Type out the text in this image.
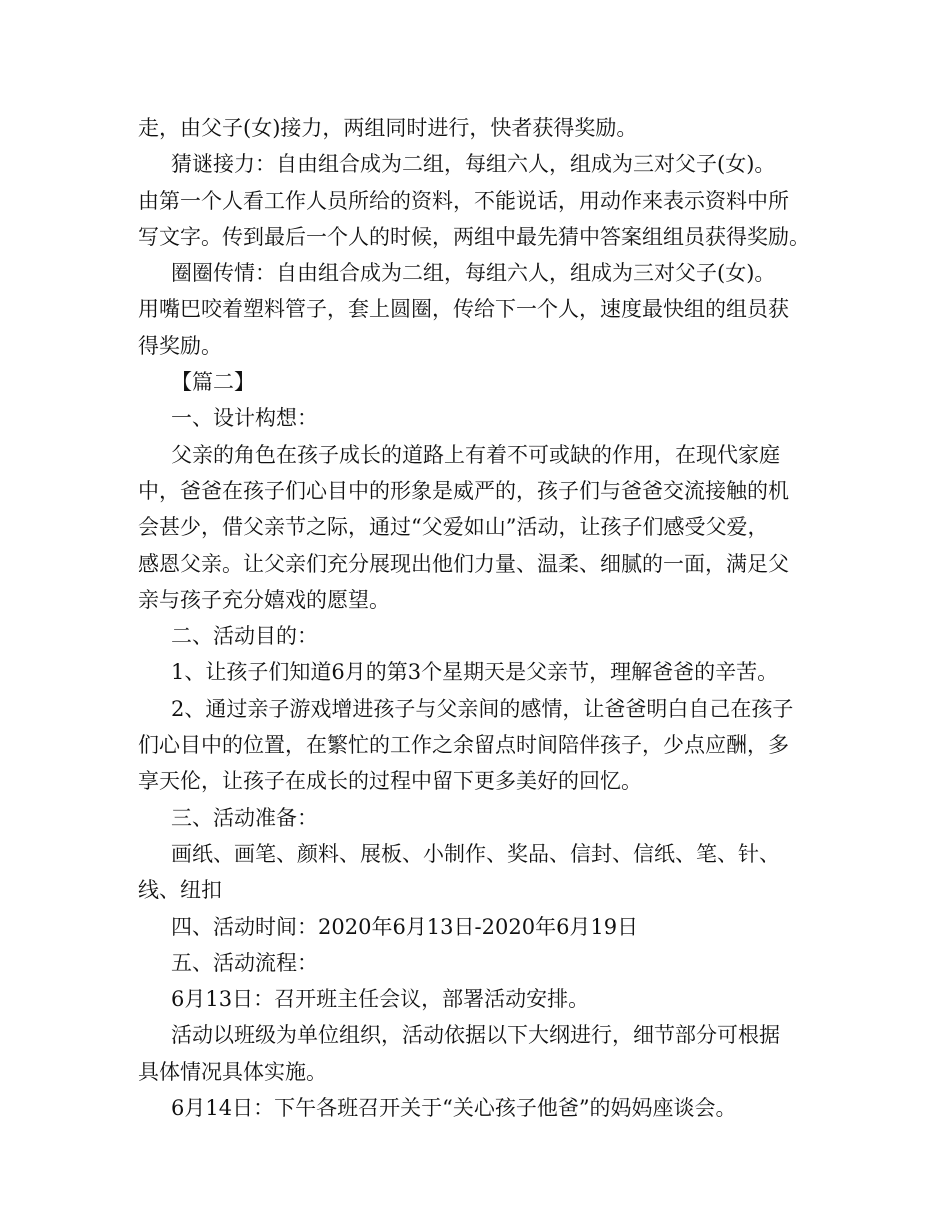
走，由父子(女)接力，两组同时进行，快者获得奖励。

猜谜接力：自由组合成为二组，每组六人，组成为三对父子(女)。
由第一个人看工作人员所给的资料，不能说话，用动作来表示资料中所
写文字。传到最后一个人的时候，两组中最先猜中答案组组员获得奖励。

圈圈传情：自由组合成为二组，每组六人，组成为三对父子(女)。
用嘴巴咬着塑料管子，套上圆圈，传给下一个人，速度最快组的组员获
得奖励。

【篇二】

一、设计构想：

父亲的角色在孩子成长的道路上有着不可或缺的作用，在现代家庭
中，爸爸在孩子们心目中的形象是威严的，孩子们与爸爸交流接触的机
会甚少，借父亲节之际，通过“父爱如山”活动，让孩子们感受父爱，
感恩父亲。让父亲们充分展现出他们力量、温柔、细腻的一面，满足父
亲与孩子充分嬉戏的愿望。

二、活动目的：

1、让孩子们知道6月的第3个星期天是父亲节，理解爸爸的辛苦。

2、通过亲子游戏增进孩子与父亲间的感情，让爸爸明白自己在孩子
们心目中的位置，在繁忙的工作之余留点时间陪伴孩子，少点应酬，多
享天伦，让孩子在成长的过程中留下更多美好的回忆。

三、活动准备：

画纸、画笔、颜料、展板、小制作、奖品、信封、信纸、笔、针、
线、纽扣

四、活动时间：2020年6月13日-2020年6月19日

五、活动流程：

6月13日：召开班主任会议，部署活动安排。

活动以班级为单位组织，活动依据以下大纲进行，细节部分可根据
具体情况具体实施。

6月14日：下午各班召开关于“关心孩子他爸”的妈妈座谈会。
